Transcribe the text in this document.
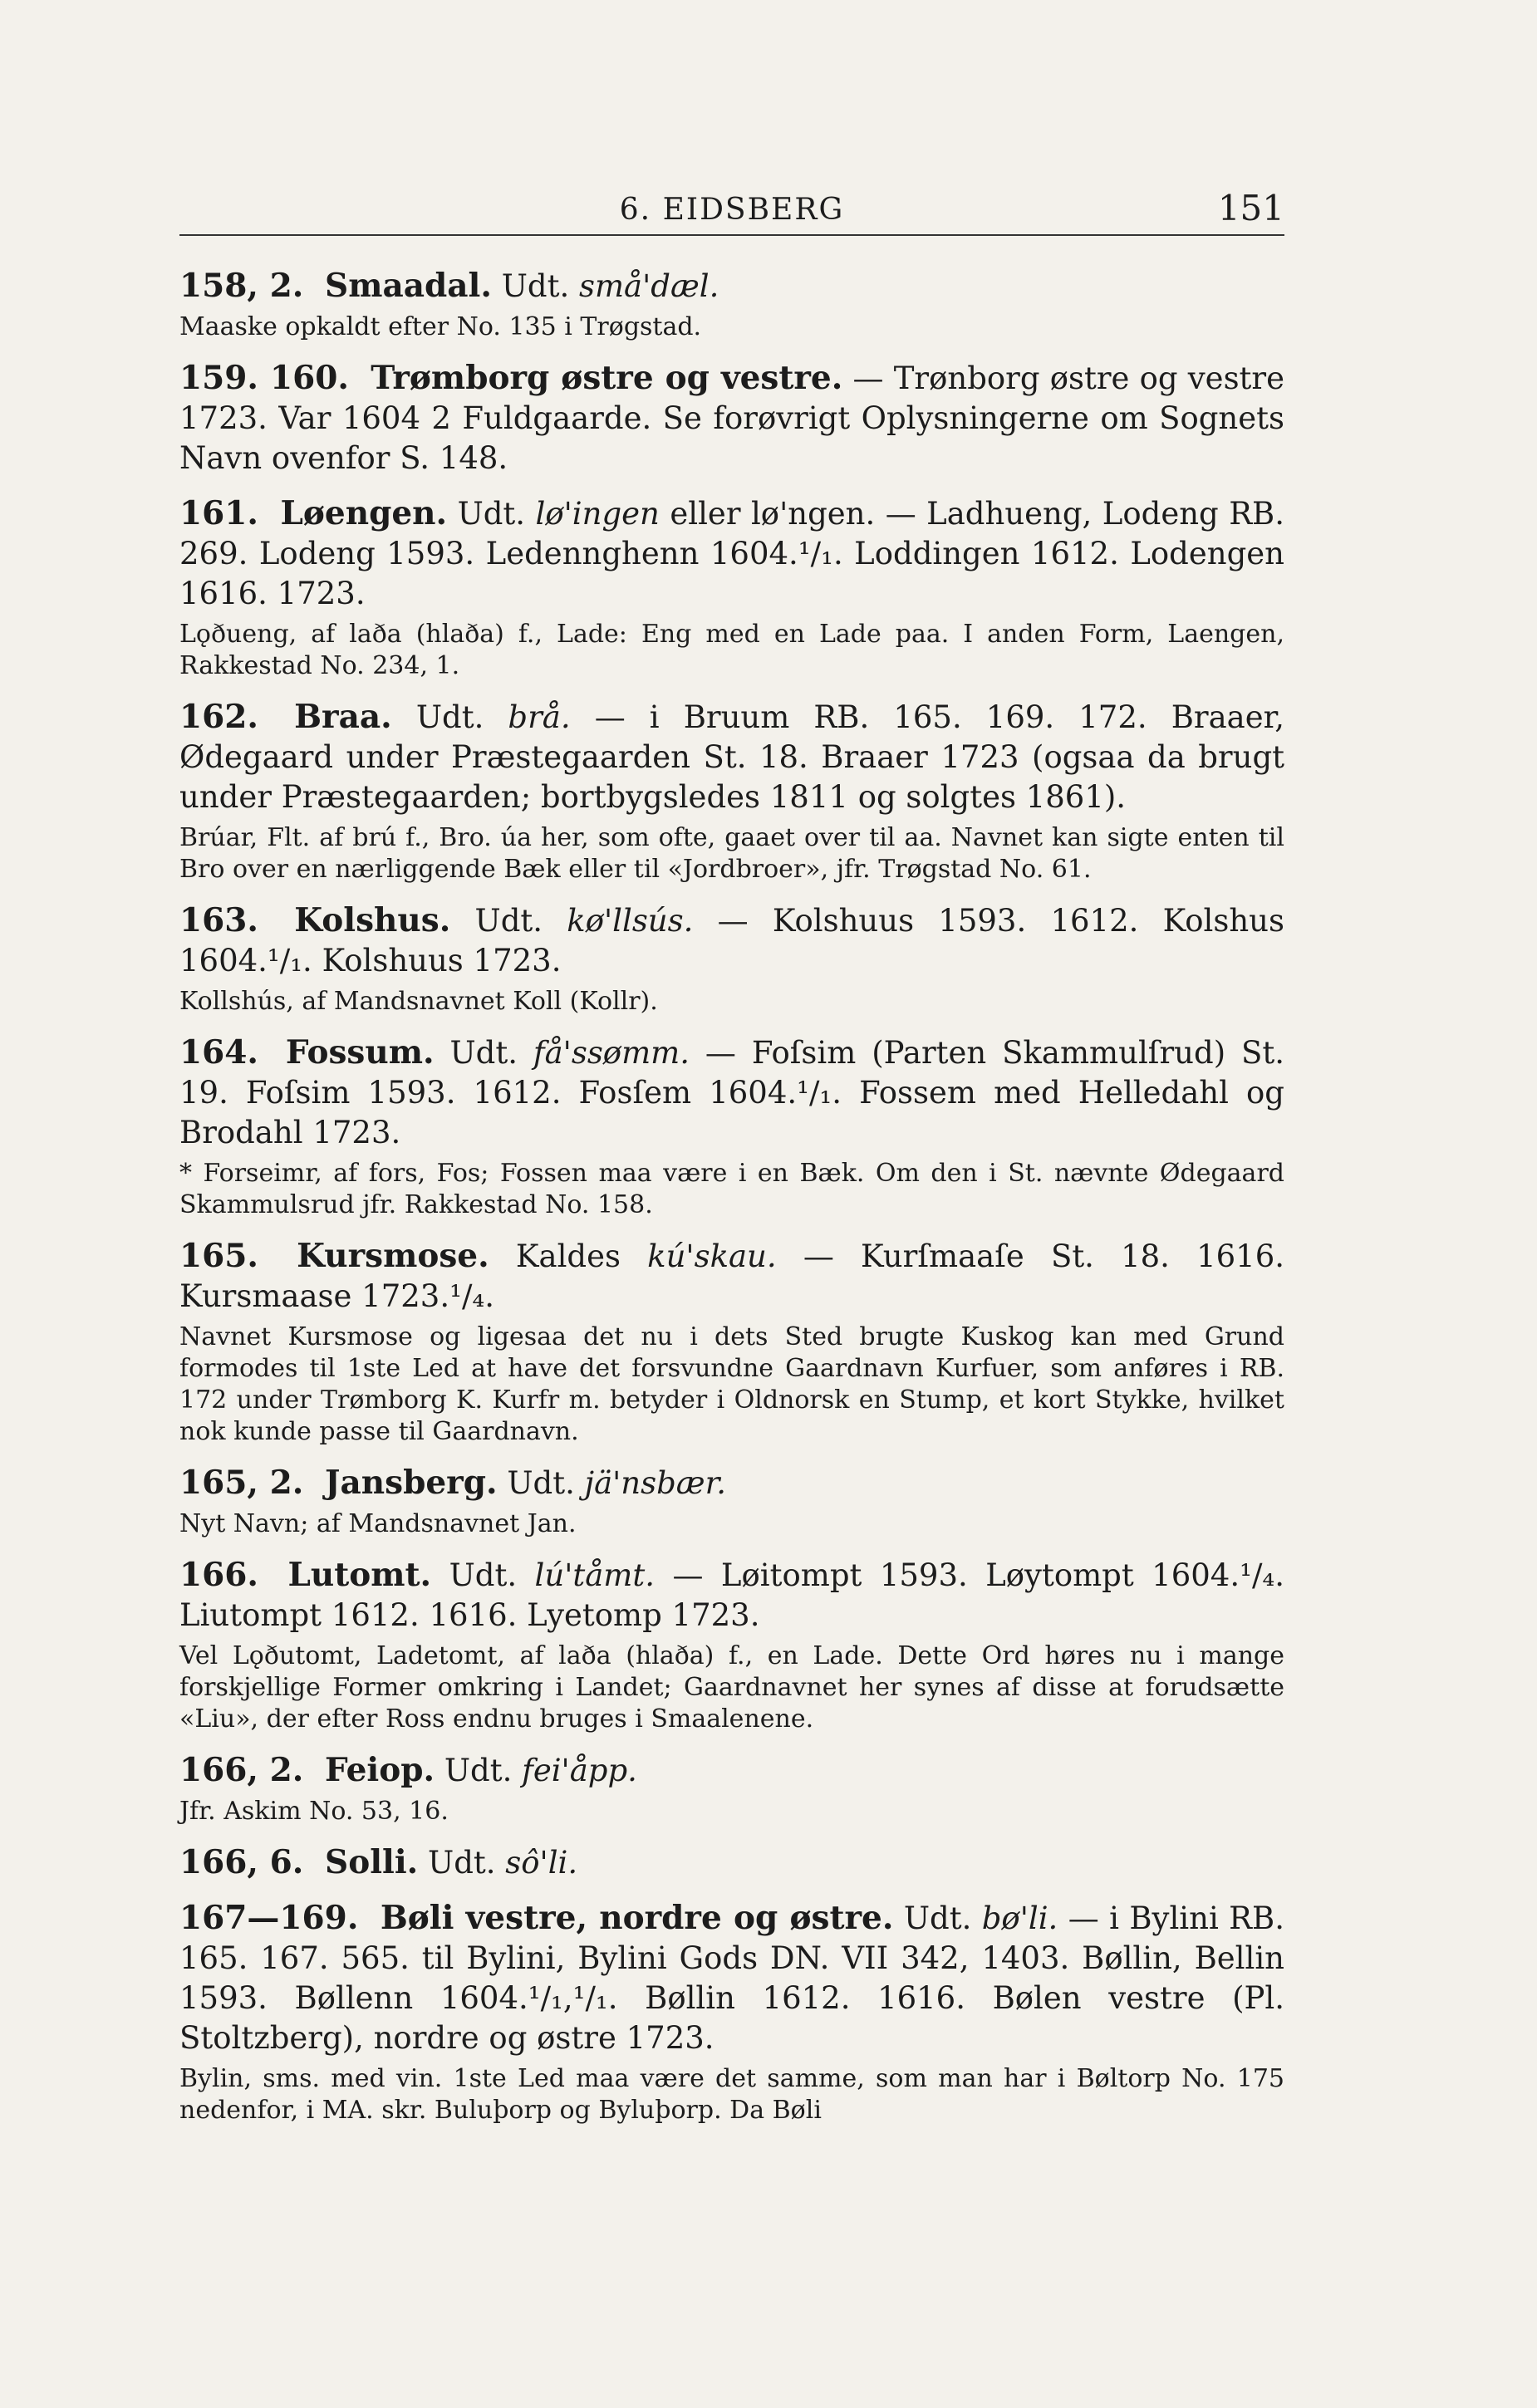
6. EIDSBERG	151

158, 2. Smaadal. Udt. små'dæl.

Maaske opkaldt efter No. 135 i Trøgstad.

159. 160. Trømborg østre og vestre. — Trønborg østre og vestre 1723. Var 1604 2 Fuldgaarde. Se forøvrigt Oplysningerne om Sognets Navn ovenfor S. 148.

161. Løengen. Udt. lø'ingen eller lø'ngen. — Ladhueng, Lodeng RB. 269. Lodeng 1593. Ledennghenn 1604.¹/₁. Loddingen 1612. Lodengen 1616. 1723.

Lǫðueng, af laða (hlaða) f., Lade: Eng med en Lade paa. I anden Form, Laengen, Rakkestad No. 234, 1.

162. Braa. Udt. brå. — i Bruum RB. 165. 169. 172. Braaer, Ødegaard under Præstegaarden St. 18. Braaer 1723 (ogsaa da brugt under Præstegaarden; bortbygsledes 1811 og solgtes 1861).

Brúar, Flt. af brú f., Bro. úa her, som ofte, gaaet over til aa. Navnet kan sigte enten til Bro over en nærliggende Bæk eller til «Jordbroer», jfr. Trøgstad No. 61.

163. Kolshus. Udt. kø'llsús. — Kolshuus 1593. 1612. Kolshus 1604.¹/₁. Kolshuus 1723.

Kollshús, af Mandsnavnet Koll (Kollr).

164. Fossum. Udt. få'ssømm. — Foſsim (Parten Skammulſrud) St. 19. Foſsim 1593. 1612. Fosſem 1604.¹/₁. Fossem med Helledahl og Brodahl 1723.

* Forseimr, af fors, Fos; Fossen maa være i en Bæk. Om den i St. nævnte Ødegaard Skammulsrud jfr. Rakkestad No. 158.

165. Kursmose. Kaldes kú'skau. — Kurſmaaſe St. 18. 1616. Kursmaase 1723.¹/₄.

Navnet Kursmose og ligesaa det nu i dets Sted brugte Kuskog kan med Grund formodes til 1ste Led at have det forsvundne Gaardnavn Kurfuer, som anføres i RB. 172 under Trømborg K. Kurfr m. betyder i Oldnorsk en Stump, et kort Stykke, hvilket nok kunde passe til Gaardnavn.

165, 2. Jansberg. Udt. jä'nsbær.

Nyt Navn; af Mandsnavnet Jan.

166. Lutomt. Udt. lú'tåmt. — Løitompt 1593. Løytompt 1604.¹/₄. Liutompt 1612. 1616. Lyetomp 1723.

Vel Lǫðutomt, Ladetomt, af laða (hlaða) f., en Lade. Dette Ord høres nu i mange forskjellige Former omkring i Landet; Gaardnavnet her synes af disse at forudsætte «Liu», der efter Ross endnu bruges i Smaalenene.

166, 2. Feiop. Udt. fei'åpp.

Jfr. Askim No. 53, 16.

166, 6. Solli. Udt. sô'li.

167—169. Bøli vestre, nordre og østre. Udt. bø'li. — i Bylini RB. 165. 167. 565. til Bylini, Bylini Gods DN. VII 342, 1403. Bøllin, Bellin 1593. Bøllenn 1604.¹/₁,¹/₁. Bøllin 1612. 1616. Bølen vestre (Pl. Stoltzberg), nordre og østre 1723.

Bylin, sms. med vin. 1ste Led maa være det samme, som man har i Bøltorp No. 175 nedenfor, i MA. skr. Buluþorp og Byluþorp. Da Bøli
